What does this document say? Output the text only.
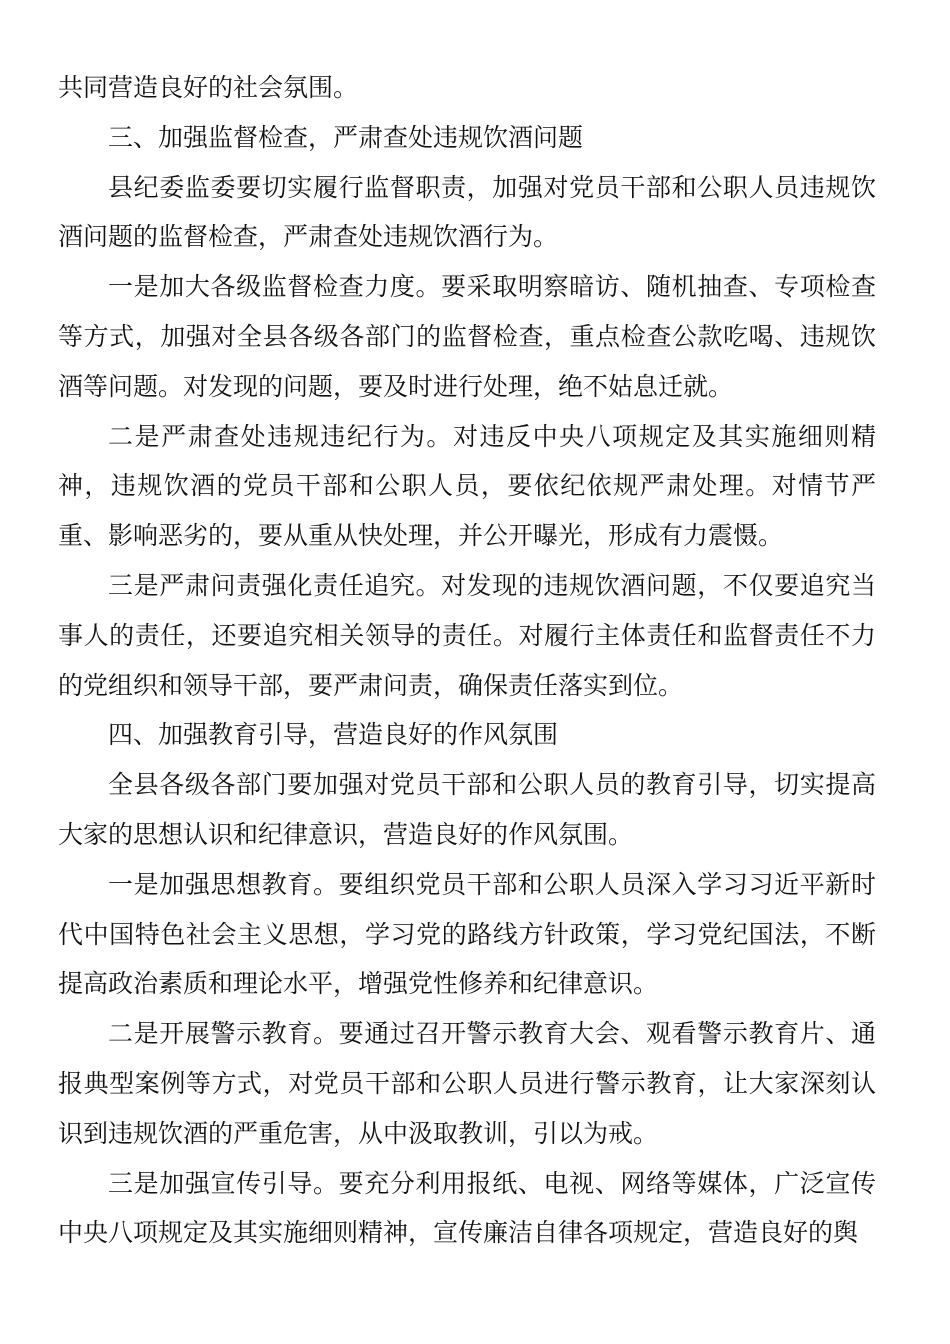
共同营造良好的社会氛围。

三、加强监督检查，严肃查处违规饮酒问题

县纪委监委要切实履行监督职责，加强对党员干部和公职人员违规饮酒问题的监督检查，严肃查处违规饮酒行为。

一是加大各级监督检查力度。要采取明察暗访、随机抽查、专项检查等方式，加强对全县各级各部门的监督检查，重点检查公款吃喝、违规饮酒等问题。对发现的问题，要及时进行处理，绝不姑息迁就。

二是严肃查处违规违纪行为。对违反中央八项规定及其实施细则精神，违规饮酒的党员干部和公职人员，要依纪依规严肃处理。对情节严重、影响恶劣的，要从重从快处理，并公开曝光，形成有力震慑。

三是严肃问责强化责任追究。对发现的违规饮酒问题，不仅要追究当事人的责任，还要追究相关领导的责任。对履行主体责任和监督责任不力的党组织和领导干部，要严肃问责，确保责任落实到位。

四、加强教育引导，营造良好的作风氛围

全县各级各部门要加强对党员干部和公职人员的教育引导，切实提高大家的思想认识和纪律意识，营造良好的作风氛围。

一是加强思想教育。要组织党员干部和公职人员深入学习习近平新时代中国特色社会主义思想，学习党的路线方针政策，学习党纪国法，不断提高政治素质和理论水平，增强党性修养和纪律意识。

二是开展警示教育。要通过召开警示教育大会、观看警示教育片、通报典型案例等方式，对党员干部和公职人员进行警示教育，让大家深刻认识到违规饮酒的严重危害，从中汲取教训，引以为戒。

三是加强宣传引导。要充分利用报纸、电视、网络等媒体，广泛宣传中央八项规定及其实施细则精神，宣传廉洁自律各项规定，营造良好的舆
